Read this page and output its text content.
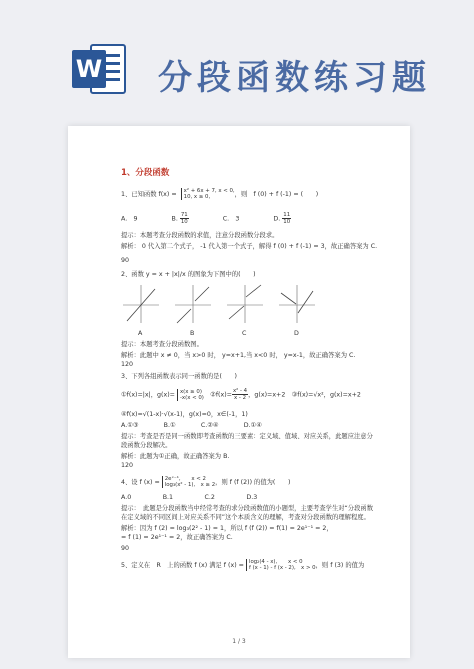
W 分段函数练习题
1、分段函数
1、已知函数 f(x) = x² + 6x + 7, x < 0,
10, x ≥ 0,	，则　f (0) + f (-1) = (　　)
A.　9	B. $\frac{71}{10}$	C.　3	D. $\frac{11}{10}$
提示：本题考查分段函数的求值，注意分段函数分段求。
解析： 0 代入第二个式子， -1 代入第一个式子，解得 f (0) + f (-1) = 3，故正确答案为 C.
90
2、函数 y = x + |x|/x 的图象为下图中的(　　)
A	B	C	D
提示：本题考查分段函数图。
解析：此题中 x ≠ 0，当 x>0 时， y=x+1,当 x<0 时， y=x-1，故正确答案为 C.
120
3、下列各组函数表示同一函数的是(　　)
①f(x)=|x|，g(x)= x(x ≥ 0)
-x(x < 0)
　 ②f(x)= $\frac{\text{x² - 4}}{x - 2}$ ，g(x)=x+2　 ③f(x)=√x²，g(x)=x+2
④f(x)=√(1-x)·√(x-1)，g(x)=0，x∈(-1，1)
A.①③　　　　B.①　　　　C.②④　　　　D.①④
提示：考查是否是同一函数即考查函数的三要素：定义域、值域、对应关系，此题应注意分
段函数分段解决。
解析：此题为①正确，故正确答案为 B.
120
4、设 f (x) = 2eˣ⁻¹,　　x < 2
log₃(x² - 1),　x ≥ 2 ，则 f (f (2)) 的值为(　　)
A.0　　　　　B.1　　　　　C.2　　　　　D.3
提示：　此题是分段函数当中经常考查的求分段函数值的小题型，主要考查学生对“分段函数
在定义域的不同区间上对应关系不同”这个本质含义的理解，考查对分段函数的理解程度。
解析：因为 f (2) = log₃(2² - 1) = 1，所以 f (f (2)) = f(1) = 2e¹⁻¹ = 2，
= f (1) = 2e¹⁻¹ = 2，故正确答案为 C.
90
5、定义在　R　上的函数 f (x) 满足 f (x) = log₂(4 - x),　　x < 0
f (x - 1) - f (x - 2),　x > 0 ，则 f (3) 的值为
1 / 3
